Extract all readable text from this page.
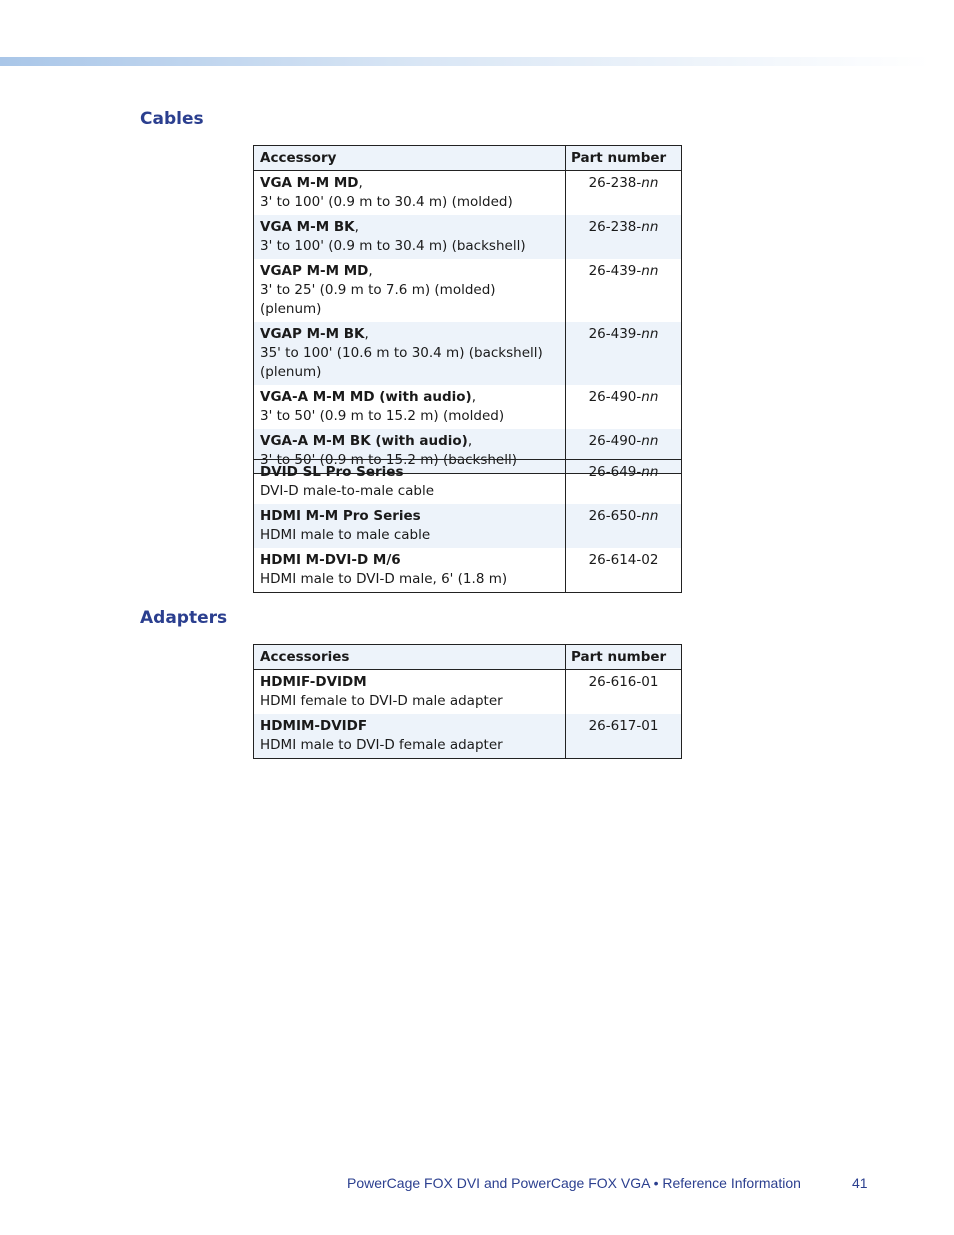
Cables
Accessory	Part number
VGA M-M MD,
3' to 100' (0.9 m to 30.4 m) (molded)	26-238-nn
VGA M-M BK,
3' to 100' (0.9 m to 30.4 m) (backshell)	26-238-nn
VGAP M-M MD,
3' to 25' (0.9 m to 7.6 m) (molded) (plenum)	26-439-nn
VGAP M-M BK,
35' to 100' (10.6 m to 30.4 m) (backshell) (plenum)	26-439-nn
VGA-A M-M MD (with audio),
3' to 50' (0.9 m to 15.2 m) (molded)	26-490-nn
VGA-A M-M BK (with audio),
3' to 50' (0.9 m to 15.2 m) (backshell)	26-490-nn
DVID SL Pro Series
DVI-D male-to-male cable	26-649-nn
HDMI M-M Pro Series
HDMI male to male cable	26-650-nn
HDMI M-DVI-D M/6
HDMI male to DVI-D male, 6' (1.8 m)	26-614-02
Adapters
Accessories	Part number
HDMIF-DVIDM
HDMI female to DVI-D male adapter	26-616-01
HDMIM-DVIDF
HDMI male to DVI-D female adapter	26-617-01
PowerCage FOX DVI and PowerCage FOX VGA • Reference Information	41
